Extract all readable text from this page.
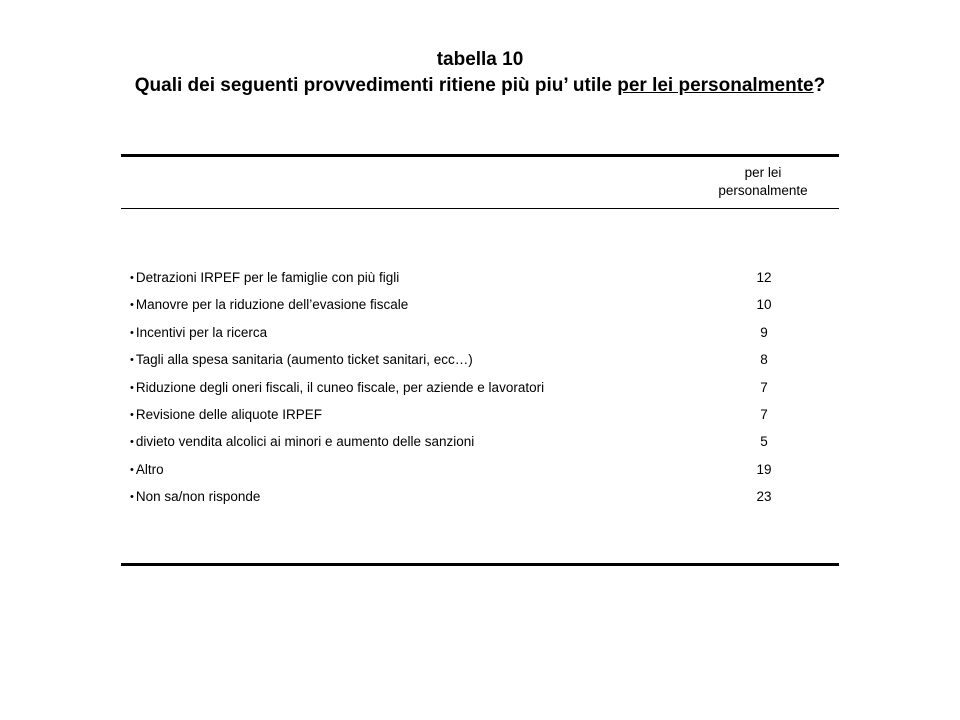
tabella 10
Quali dei seguenti provvedimenti ritiene più piu’ utile per lei personalmente?
per lei
personalmente
• Detrazioni IRPEF per le famiglie con più figli	12
• Manovre per la riduzione dell’evasione fiscale	10
• Incentivi per la ricerca	9
• Tagli alla spesa sanitaria (aumento ticket sanitari, ecc…)	8
• Riduzione degli oneri fiscali, il cuneo fiscale, per aziende e lavoratori	7
• Revisione delle aliquote IRPEF	7
• divieto vendita alcolici ai minori e aumento delle sanzioni	5
• Altro	19
• Non sa/non risponde	23
